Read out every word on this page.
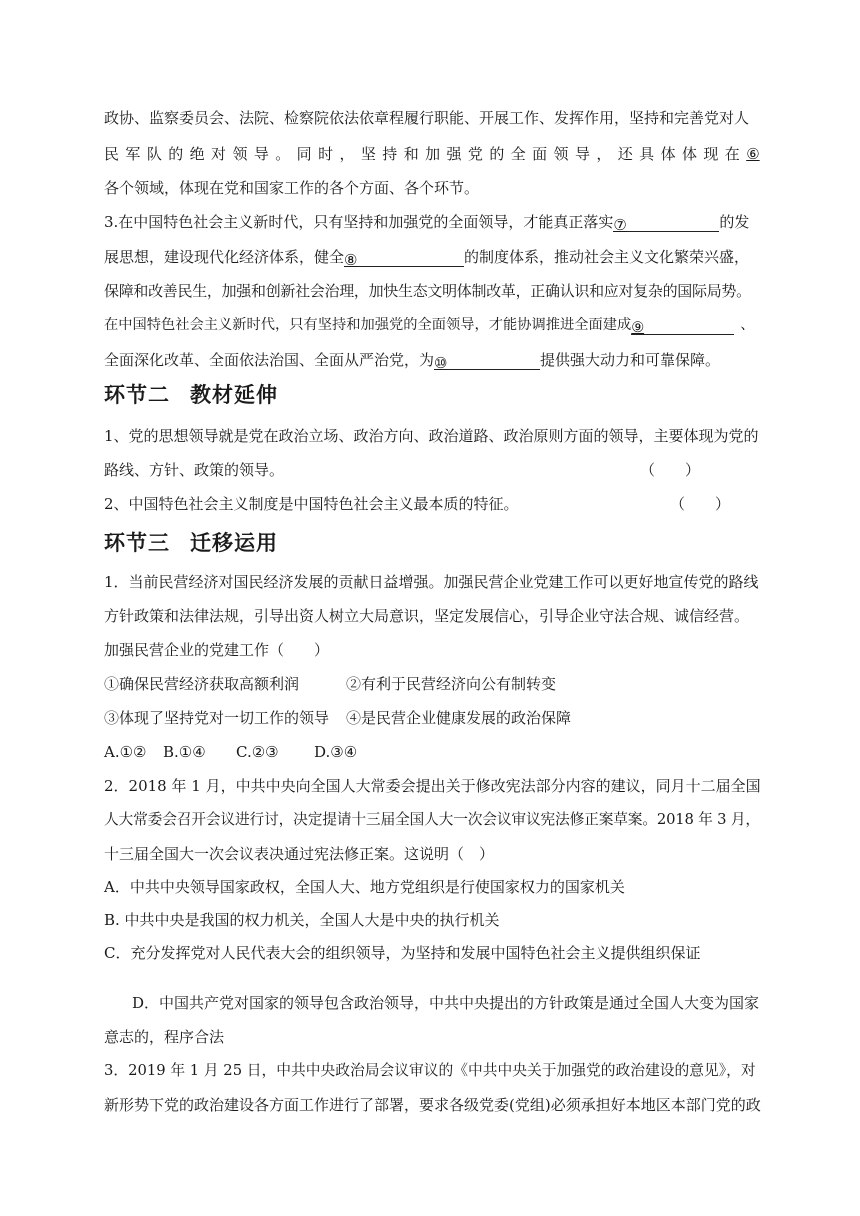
政协、监察委员会、法院、检察院依法依章程履行职能、开展工作、发挥作用，坚持和完善党对人
民 军 队 的 绝 对 领 导 。 同 时 ， 坚 持 和 加 强 党 的 全 面 领 导 ， 还 具 体 体 现 在 ⑥
各个领域，体现在党和国家工作的各个方面、各个环节。
3.在中国特色社会主义新时代，只有坚持和加强党的全面领导，才能真正落实⑦	的发
展思想，建设现代化经济体系，健全⑧	的制度体系，推动社会主义文化繁荣兴盛，
保障和改善民生，加强和创新社会治理，加快生态文明体制改革，正确认识和应对复杂的国际局势。
在中国特色社会主义新时代，只有坚持和加强党的全面领导，才能协调推进全面建成⑨	、
全面深化改革、全面依法治国、全面从严治党，为⑩	提供强大动力和可靠保障。
环节二 教材延伸
1、党的思想领导就是党在政治立场、政治方向、政治道路、政治原则方面的领导，主要体现为党的
路线、方针、政策的领导。	（　　）
2、中国特色社会主义制度是中国特色社会主义最本质的特征。	（　　）
环节三 迁移运用
1．当前民营经济对国民经济发展的贡献日益增强。加强民营企业党建工作可以更好地宣传党的路线
方针政策和法律法规，引导出资人树立大局意识，坚定发展信心，引导企业守法合规、诚信经营。
加强民营企业的党建工作（　　）
①确保民营经济获取高额利润	②有利于民营经济向公有制转变
③体现了坚持党对一切工作的领导 ④是民营企业健康发展的政治保障
A.①② B.①④ C.②③ D.③④
2．2018 年 1 月，中共中央向全国人大常委会提出关于修改宪法部分内容的建议，同月十二届全国
人大常委会召开会议进行讨，决定提请十三届全国人大一次会议审议宪法修正案草案。2018 年 3 月，
十三届全国大一次会议表决通过宪法修正案。这说明（　）
A．中共中央领导国家政权，全国人大、地方党组织是行使国家权力的国家机关
B. 中共中央是我国的权力机关，全国人大是中央的执行机关
C．充分发挥党对人民代表大会的组织领导，为坚持和发展中国特色社会主义提供组织保证
D．中国共产党对国家的领导包含政治领导，中共中央提出的方针政策是通过全国人大变为国家
意志的，程序合法
3．2019 年 1 月 25 日，中共中央政治局会议审议的《中共中央关于加强党的政治建设的意见》，对
新形势下党的政治建设各方面工作进行了部署，要求各级党委(党组)必须承担好本地区本部门党的政
